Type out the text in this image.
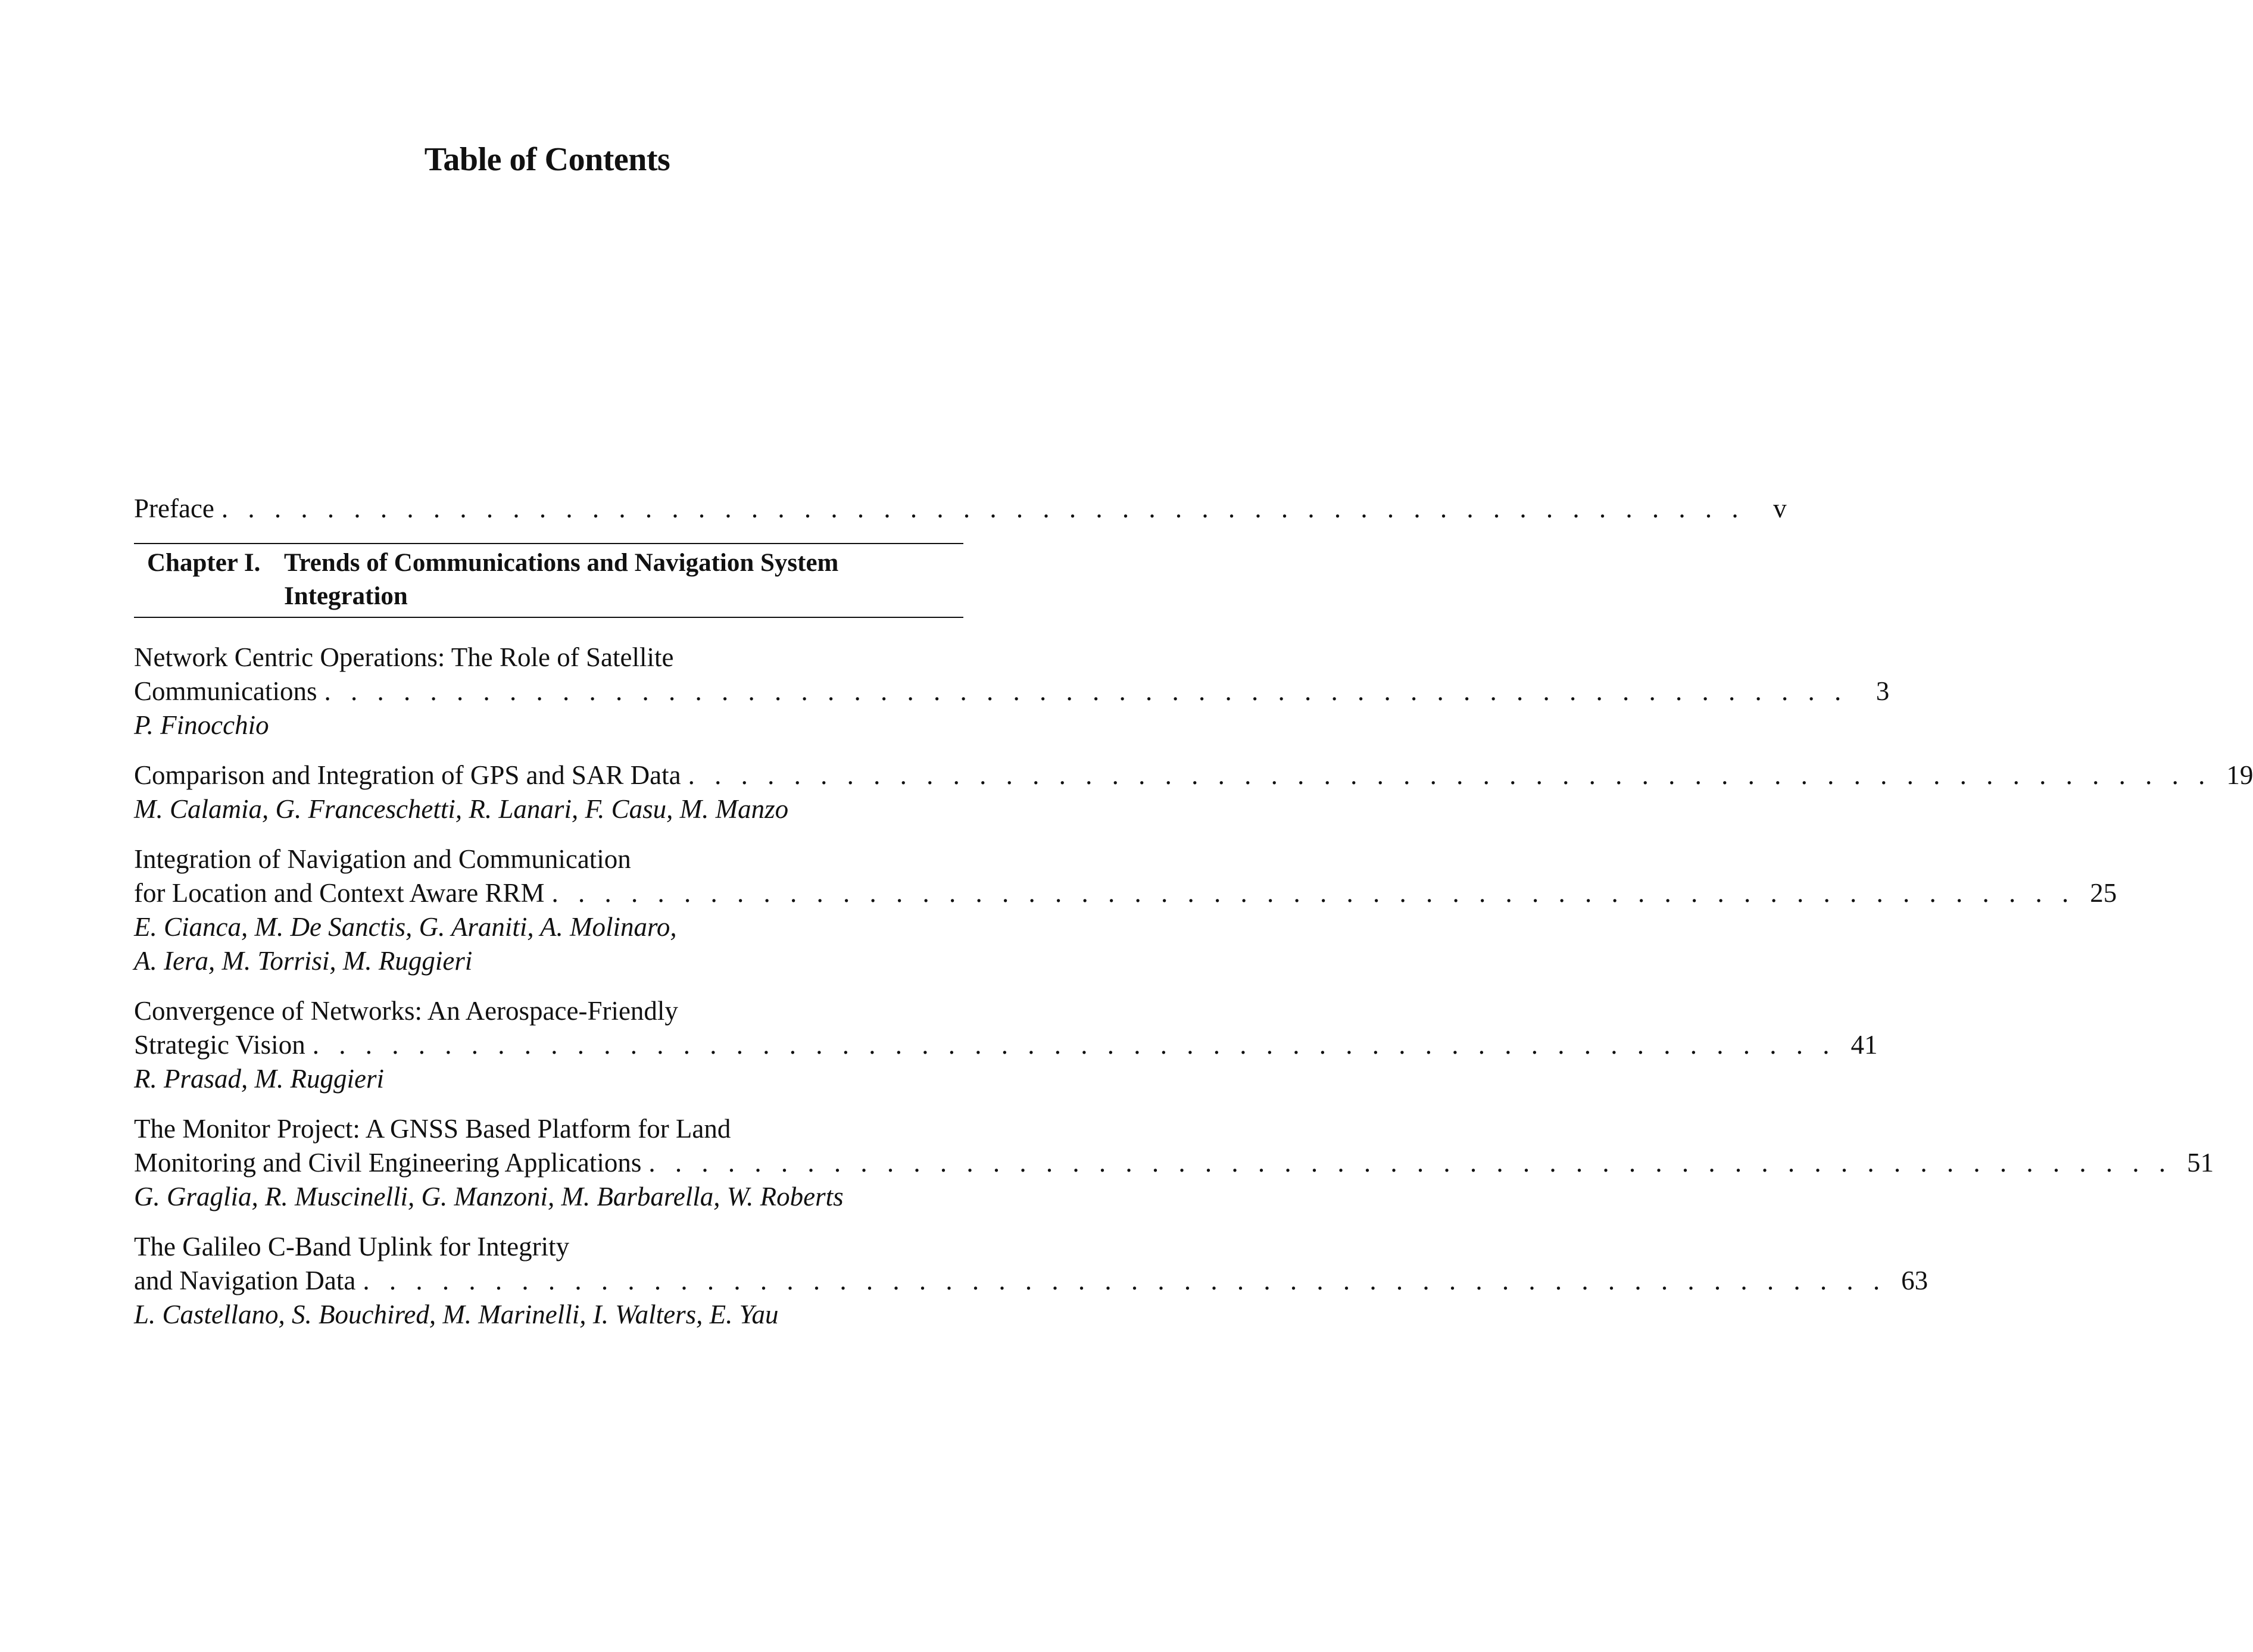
Table of Contents
Preface . . . . . . . . . . . . . . . . . . . . . . . . . . . . . . . . . . . . . . . . . . . . . . . . . . . . . . . . . .	v
Chapter I. Trends of Communications and Navigation System Integration
Network Centric Operations: The Role of Satellite
Communications . . . . . . . . . . . . . . . . . . . . . . . . . . . . . . . . . . . . . . . . . . . . . . . . . . . . . . . . . .	3
P. Finocchio
Comparison and Integration of GPS and SAR Data . . . . . . . . . . . . . . . . . . . . . . . . . . . . . . . . . . . . . . . . . . . . . . . . . . . . . . . . . . 19
M. Calamia, G. Franceschetti, R. Lanari, F. Casu, M. Manzo
Integration of Navigation and Communication
for Location and Context Aware RRM . . . . . . . . . . . . . . . . . . . . . . . . . . . . . . . . . . . . . . . . . . . . . . . . . . . . . . . . . . 25
E. Cianca, M. De Sanctis, G. Araniti, A. Molinaro,
A. Iera, M. Torrisi, M. Ruggieri
Convergence of Networks: An Aerospace-Friendly
Strategic Vision . . . . . . . . . . . . . . . . . . . . . . . . . . . . . . . . . . . . . . . . . . . . . . . . . . . . . . . . . . 41
R. Prasad, M. Ruggieri
The Monitor Project: A GNSS Based Platform for Land
Monitoring and Civil Engineering Applications . . . . . . . . . . . . . . . . . . . . . . . . . . . . . . . . . . . . . . . . . . . . . . . . . . . . . . . . . . 51
G. Graglia, R. Muscinelli, G. Manzoni, M. Barbarella, W. Roberts
The Galileo C-Band Uplink for Integrity
and Navigation Data . . . . . . . . . . . . . . . . . . . . . . . . . . . . . . . . . . . . . . . . . . . . . . . . . . . . . . . . . . 63
L. Castellano, S. Bouchired, M. Marinelli, I. Walters, E. Yau
